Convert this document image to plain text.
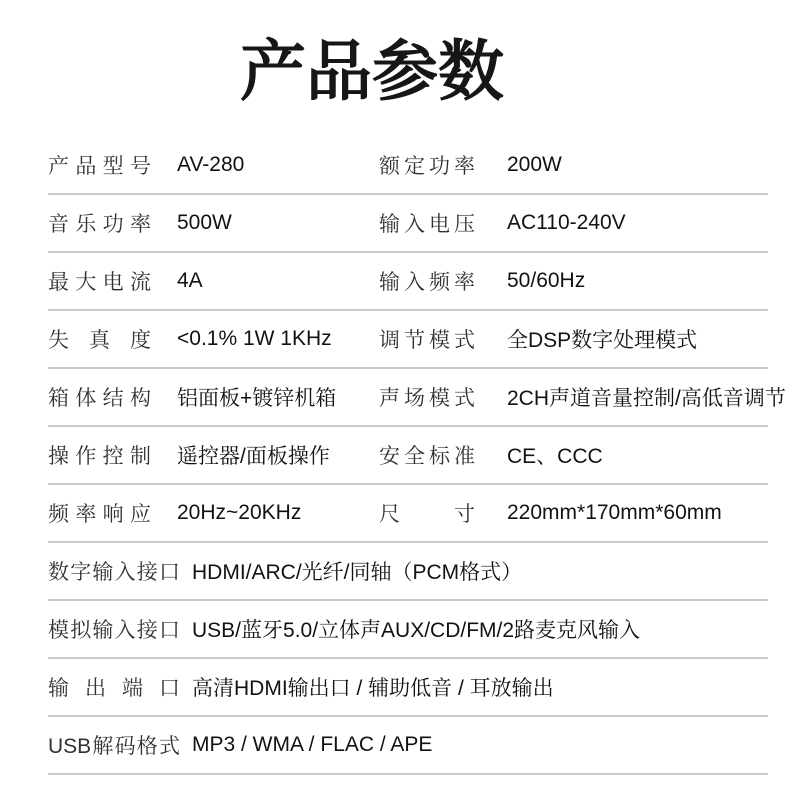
产品参数
产品型号	AV-280	额定功率	200W
音乐功率	500W	输入电压	AC110-240V
最大电流	4A	输入频率	50/60Hz
失真度	<0.1% 1W 1KHz	调节模式	全DSP数字处理模式
箱体结构	铝面板+镀锌机箱	声场模式	2CH声道音量控制/高低音调节
操作控制	遥控器/面板操作	安全标准	CE、CCC
频率响应	20Hz~20KHz	尺寸	220mm*170mm*60mm
数字输入接口 HDMI/ARC/光纤/同轴（PCM格式）
模拟输入接口 USB/蓝牙5.0/立体声AUX/CD/FM/2路麦克风输入
输出端口 高清HDMI输出口 / 辅助低音 / 耳放输出
USB解码格式 MP3 / WMA / FLAC / APE
